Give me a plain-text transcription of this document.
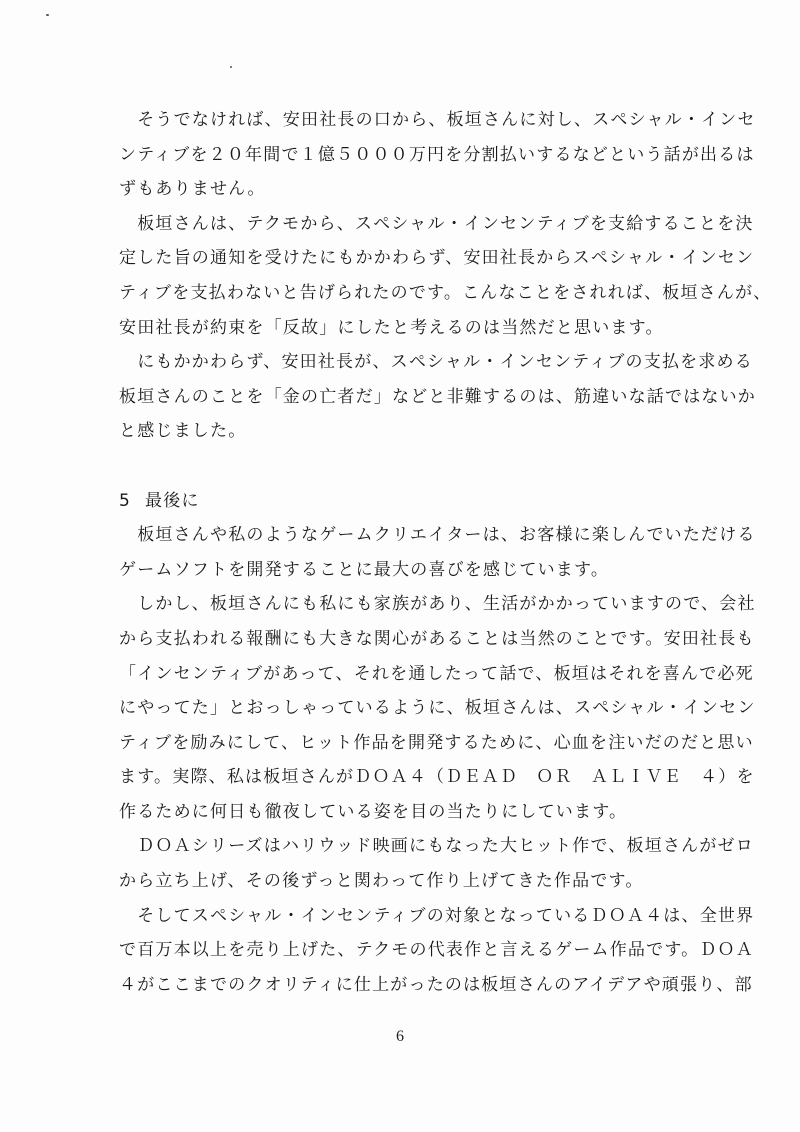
　そうでなければ、安田社長の口から、板垣さんに対し、スペシャル・インセ
ンティブを２０年間で１億５０００万円を分割払いするなどという話が出るは
ずもありません。
　板垣さんは、テクモから、スペシャル・インセンティブを支給することを決
定した旨の通知を受けたにもかかわらず、安田社長からスペシャル・インセン
ティブを支払わないと告げられたのです。こんなことをされれば、板垣さんが、
安田社長が約束を「反故」にしたと考えるのは当然だと思います。
　にもかかわらず、安田社長が、スペシャル・インセンティブの支払を求める
板垣さんのことを「金の亡者だ」などと非難するのは、筋違いな話ではないか
と感じました。
5 最後に
　板垣さんや私のようなゲームクリエイターは、お客様に楽しんでいただける
ゲームソフトを開発することに最大の喜びを感じています。
　しかし、板垣さんにも私にも家族があり、生活がかかっていますので、会社
から支払われる報酬にも大きな関心があることは当然のことです。安田社長も
「インセンティブがあって、それを通したって話で、板垣はそれを喜んで必死
にやってた」とおっしゃっているように、板垣さんは、スペシャル・インセン
ティブを励みにして、ヒット作品を開発するために、心血を注いだのだと思い
ます。実際、私は板垣さんがＤＯＡ４（ＤＥＡＤ　ＯＲ　ＡＬＩＶＥ　４）を
作るために何日も徹夜している姿を目の当たりにしています。
　ＤＯＡシリーズはハリウッド映画にもなった大ヒット作で、板垣さんがゼロ
から立ち上げ、その後ずっと関わって作り上げてきた作品です。
　そしてスペシャル・インセンティブの対象となっているＤＯＡ４は、全世界
で百万本以上を売り上げた、テクモの代表作と言えるゲーム作品です。ＤＯＡ
４がここまでのクオリティに仕上がったのは板垣さんのアイデアや頑張り、部
6
